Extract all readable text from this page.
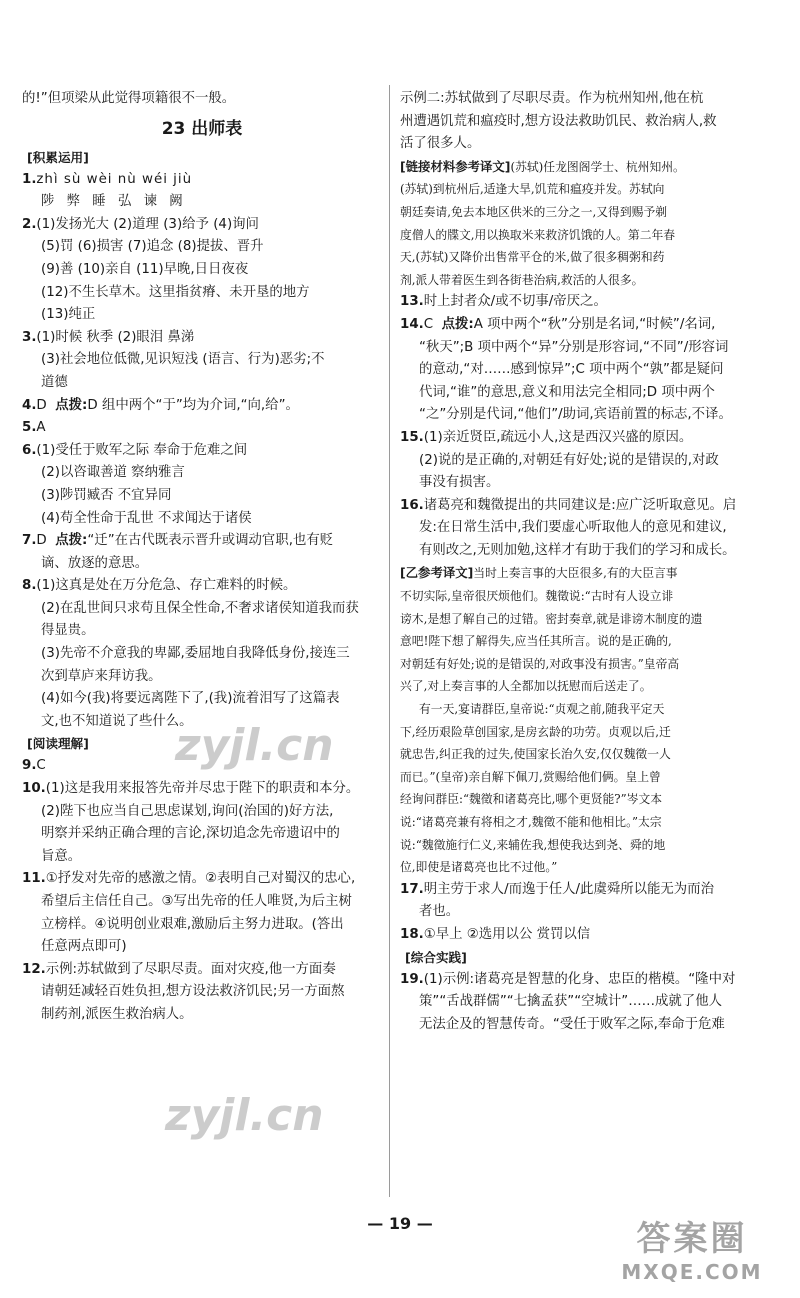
的!”但项梁从此觉得项籍很不一般。
23 出师表
[ 积累运用 ]
1.zhì sù wèi nù wéi jiù
陟 弊 睡 弘 谏 阙
2.(1)发扬光大 (2)道理 (3)给予 (4)询问
(5)罚 (6)损害 (7)追念 (8)提拔、晋升
(9)善 (10)亲自 (11)早晚,日日夜夜
(12)不生长草木。这里指贫瘠、未开垦的地方
(13)纯正
3.(1)时候 秋季 (2)眼泪 鼻涕
(3)社会地位低微,见识短浅 (语言、行为)恶劣;不
道德
4.D 点拨:D 组中两个“于”均为介词,“向,给”。
5.A
6.(1)受任于败军之际 奉命于危难之间
(2)以咨诹善道 察纳雅言
(3)陟罚臧否 不宜异同
(4)苟全性命于乱世 不求闻达于诸侯
7.D 点拨:“迁”在古代既表示晋升或调动官职,也有贬
谪、放逐的意思。
8.(1)这真是处在万分危急、存亡难料的时候。
(2)在乱世间只求苟且保全性命,不奢求诸侯知道我而获
得显贵。
(3)先帝不介意我的卑鄙,委屈地自我降低身份,接连三
次到草庐来拜访我。
(4)如今(我)将要远离陛下了,(我)流着泪写了这篇表
文,也不知道说了些什么。
[ 阅读理解 ]
9.C
10.(1)这是我用来报答先帝并尽忠于陛下的职责和本分。
(2)陛下也应当自己思虑谋划,询问(治国的)好方法,
明察并采纳正确合理的言论,深切追念先帝遗诏中的
旨意。
11.①抒发对先帝的感激之情。②表明自己对蜀汉的忠心,
希望后主信任自己。③写出先帝的任人唯贤,为后主树
立榜样。④说明创业艰难,激励后主努力进取。(答出
任意两点即可)
12.示例:苏轼做到了尽职尽责。面对灾疫,他一方面奏
请朝廷减轻百姓负担,想方设法救济饥民;另一方面熬
制药剂,派医生救治病人。
示例二:苏轼做到了尽职尽责。作为杭州知州,他在杭
州遭遇饥荒和瘟疫时,想方设法救助饥民、救治病人,救
活了很多人。
[ 链接材料参考译文 ] (苏轼)任龙图阁学士、杭州知州。
(苏轼)到杭州后,适逢大旱,饥荒和瘟疫并发。苏轼向
朝廷奏请,免去本地区供米的三分之一,又得到赐予剃
度僧人的牒文,用以换取米来救济饥饿的人。第二年春
天,(苏轼)又降价出售常平仓的米,做了很多稠粥和药
剂,派人带着医生到各街巷治病,救活的人很多。
13.时上封者众/或不切事/帝厌之。
14.C 点拨:A 项中两个“秋”分别是名词,“时候”/名词,
“秋天”;B 项中两个“异”分别是形容词,“不同”/形容词
的意动,“对……感到惊异”;C 项中两个“孰”都是疑问
代词,“谁”的意思,意义和用法完全相同;D 项中两个
“之”分别是代词,“他们”/助词,宾语前置的标志,不译。
15.(1)亲近贤臣,疏远小人,这是西汉兴盛的原因。
(2)说的是正确的,对朝廷有好处;说的是错误的,对政
事没有损害。
16.诸葛亮和魏徵提出的共同建议是:应广泛听取意见。启
发:在日常生活中,我们要虚心听取他人的意见和建议,
有则改之,无则加勉,这样才有助于我们的学习和成长。
[ 乙参考译文 ] 当时上奏言事的大臣很多,有的大臣言事
不切实际,皇帝很厌烦他们。魏徵说:“古时有人设立诽
谤木,是想了解自己的过错。密封奏章,就是诽谤木制度的遗
意吧!陛下想了解得失,应当任其所言。说的是正确的,
对朝廷有好处;说的是错误的,对政事没有损害。”皇帝高
兴了,对上奏言事的人全都加以抚慰而后送走了。
有一天,宴请群臣,皇帝说:“贞观之前,随我平定天
下,经历艰险草创国家,是房玄龄的功劳。贞观以后,迁
就忠告,纠正我的过失,使国家长治久安,仅仅魏徵一人
而已。”(皇帝)亲自解下佩刀,赏赐给他们俩。皇上曾
经询问群臣:“魏徵和诸葛亮比,哪个更贤能?”岑文本
说:“诸葛亮兼有将相之才,魏徵不能和他相比。”太宗
说:“魏徵施行仁义,来辅佐我,想使我达到尧、舜的地
位,即使是诸葛亮也比不过他。”
17.明主劳于求人/而逸于任人/此虞舜所以能无为而治
者也。
18.①早上 ②选用以公 赏罚以信
[ 综合实践 ]
19.(1)示例:诸葛亮是智慧的化身、忠臣的楷模。“隆中对
策”“舌战群儒”“七擒孟获”“空城计”……成就了他人
无法企及的智慧传奇。“受任于败军之际,奉命于危难
— 19 —
zyjl.cn
zyjl.cn
答案圈
MXQE.COM
